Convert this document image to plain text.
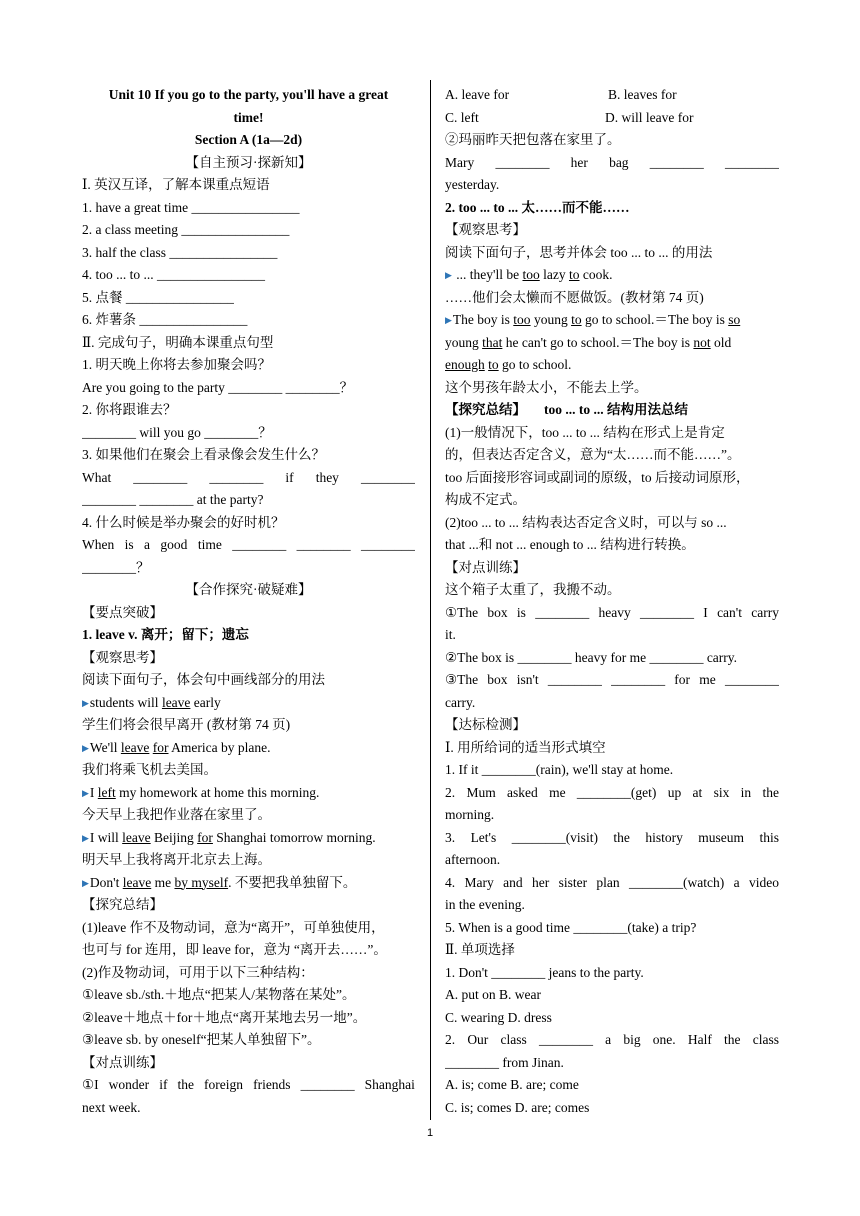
Unit 10 If you go to the party, you'll have a great
time!
Section A (1a—2d)
【自主预习·探新知】
Ⅰ. 英汉互译，了解本课重点短语
1. have a great time ________________
2. a class meeting ________________
3. half the class ________________
4. too ... to ... ________________
5. 点餐 ________________
6. 炸薯条 ________________
Ⅱ. 完成句子，明确本课重点句型
1. 明天晚上你将去参加聚会吗？
Are you going to the party ________ ________？
2. 你将跟谁去？
________ will you go ________？
3. 如果他们在聚会上看录像会发生什么？
What ________ ________ if they ________
________ ________ at the party?
4. 什么时候是举办聚会的好时机？
When is a good time ________ ________ ________
________？
【合作探究·破疑难】
【要点突破】
1. leave v. 离开；留下；遗忘
【观察思考】
阅读下面句子，体会句中画线部分的用法
▶students will leave early
学生们将会很早离开 (教材第 74 页)
▶We'll leave for America by plane.
我们将乘飞机去美国。
▶I left my homework at home this morning.
今天早上我把作业落在家里了。
▶I will leave Beijing for Shanghai tomorrow morning.
明天早上我将离开北京去上海。
▶Don't leave me by myself. 不要把我单独留下。
【探究总结】
(1)leave 作不及物动词，意为“离开”，可单独使用，
也可与 for 连用，即 leave for，意为 “离开去……”。
(2)作及物动词，可用于以下三种结构：
①leave sb./sth.＋地点“把某人/某物落在某处”。
②leave＋地点＋for＋地点“离开某地去另一地”。
③leave sb. by oneself“把某人单独留下”。
【对点训练】
①I wonder if the foreign friends ________ Shanghai
next week.
A. leave for	B. leaves for
C. left	D. will leave for
②玛丽昨天把包落在家里了。
Mary ________ her bag ________ ________
yesterday.
2. too ... to ... 太……而不能……
【观察思考】
阅读下面句子，思考并体会 too ... to ... 的用法
▶ ... they'll be too lazy to cook.
……他们会太懒而不愿做饭。(教材第 74 页)
▶The boy is too young to go to school.＝The boy is so
young that he can't go to school.＝The boy is not old
enough to go to school.
这个男孩年龄太小，不能去上学。
【探究总结】 too ... to ... 结构用法总结
(1)一般情况下，too ... to ... 结构在形式上是肯定
的，但表达否定含义，意为“太……而不能……”。
too 后面接形容词或副词的原级，to 后接动词原形，
构成不定式。
(2)too ... to ... 结构表达否定含义时，可以与 so ...
that ...和 not ... enough to ... 结构进行转换。
【对点训练】
这个箱子太重了，我搬不动。
①The box is ________ heavy ________ I can't carry
it.
②The box is ________ heavy for me ________ carry.
③The box isn't ________ ________ for me ________
carry.
【达标检测】
Ⅰ. 用所给词的适当形式填空
1. If it ________(rain), we'll stay at home.
2. Mum asked me ________(get) up at six in the
morning.
3. Let's ________(visit) the history museum this
afternoon.
4. Mary and her sister plan ________(watch) a video
in the evening.
5. When is a good time ________(take) a trip?
Ⅱ. 单项选择
1. Don't ________ jeans to the party.
A. put on B. wear
C. wearing D. dress
2. Our class ________ a big one. Half the class
________ from Jinan.
A. is; come B. are; come
C. is; comes D. are; comes
1
